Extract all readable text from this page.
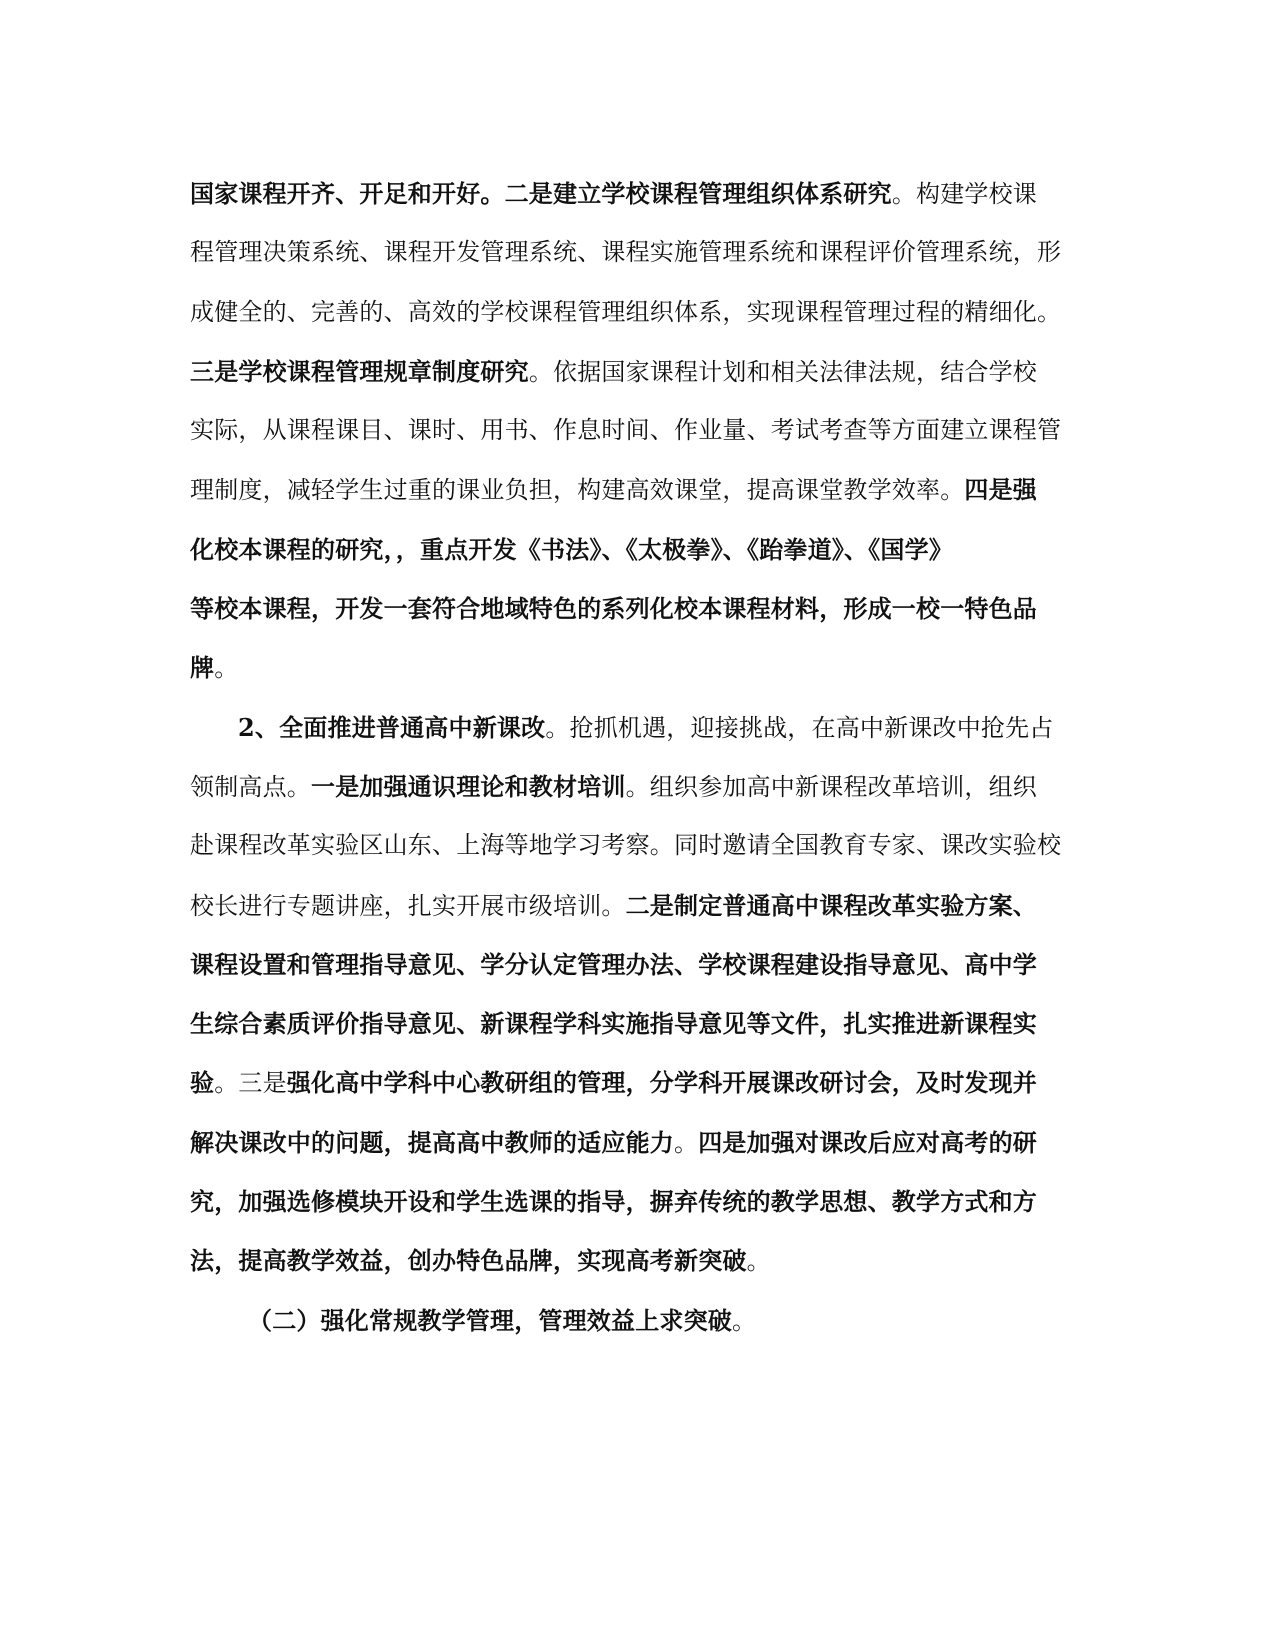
国家课程开齐、开足和开好。二是建立学校课程管理组织体系研究。构建学校课
程管理决策系统、课程开发管理系统、课程实施管理系统和课程评价管理系统，形
成健全的、完善的、高效的学校课程管理组织体系，实现课程管理过程的精细化。
三是学校课程管理规章制度研究。依据国家课程计划和相关法律法规，结合学校
实际，从课程课目、课时、用书、作息时间、作业量、考试考查等方面建立课程管
理制度，减轻学生过重的课业负担，构建高效课堂，提高课堂教学效率。四是强
化校本课程的研究，，重点开发《书法》、《太极拳》、《跆拳道》、《国学》
等校本课程，开发一套符合地域特色的系列化校本课程材料，形成一校一特色品
牌。
2、全面推进普通高中新课改。抢抓机遇，迎接挑战，在高中新课改中抢先占
领制高点。一是加强通识理论和教材培训。组织参加高中新课程改革培训，组织
赴课程改革实验区山东、上海等地学习考察。同时邀请全国教育专家、课改实验校
校长进行专题讲座，扎实开展市级培训。二是制定普通高中课程改革实验方案、
课程设置和管理指导意见、学分认定管理办法、学校课程建设指导意见、高中学
生综合素质评价指导意见、新课程学科实施指导意见等文件，扎实推进新课程实
验。三是强化高中学科中心教研组的管理，分学科开展课改研讨会，及时发现并
解决课改中的问题，提高高中教师的适应能力。四是加强对课改后应对高考的研
究，加强选修模块开设和学生选课的指导，摒弃传统的教学思想、教学方式和方
法，提高教学效益，创办特色品牌，实现高考新突破。
（二）强化常规教学管理，管理效益上求突破。
